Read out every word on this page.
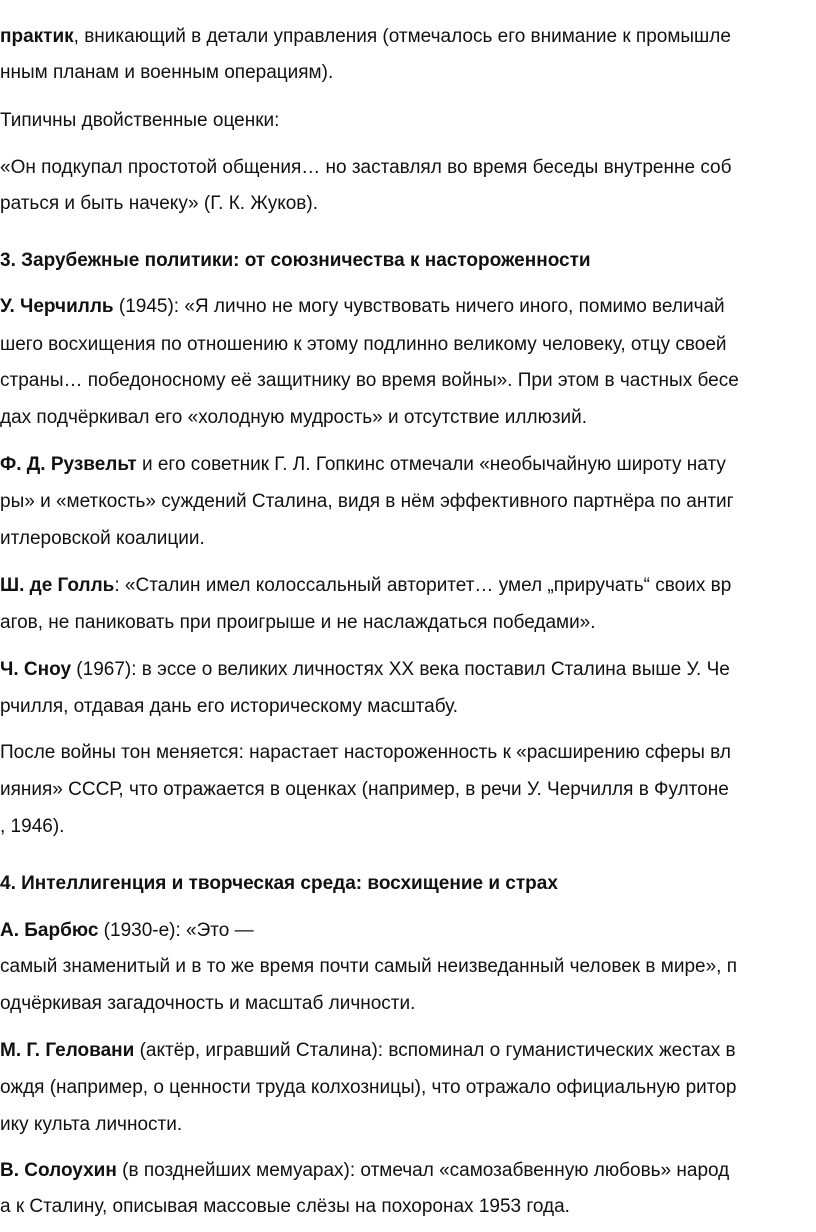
практик, вникающий в детали управления (отмечалось его внимание к промышле
нным планам и военным операциям).
Типичны двойственные оценки:
«Он подкупал простотой общения… но заставлял во время беседы внутренне соб
раться и быть начеку» (Г. К. Жуков).
3. Зарубежные политики: от союзничества к настороженности
У. Черчилль (1945): «Я лично не могу чувствовать ничего иного, помимо величай
шего восхищения по отношению к этому подлинно великому человеку, отцу своей
страны… победоносному её защитнику во время войны». При этом в частных бесе
дах подчёркивал его «холодную мудрость» и отсутствие иллюзий.
Ф. Д. Рузвельт и его советник Г. Л. Гопкинс отмечали «необычайную широту нату
ры» и «меткость» суждений Сталина, видя в нём эффективного партнёра по антиг
итлеровской коалиции.
Ш. де Голль: «Сталин имел колоссальный авторитет… умел „приручать“ своих вр
агов, не паниковать при проигрыше и не наслаждаться победами».
Ч. Сноу (1967): в эссе о великих личностях XX века поставил Сталина выше У. Че
рчилля, отдавая дань его историческому масштабу.
После войны тон меняется: нарастает настороженность к «расширению сферы вл
ияния» СССР, что отражается в оценках (например, в речи У. Черчилля в Фултоне
, 1946).
4. Интеллигенция и творческая среда: восхищение и страх
А. Барбюс (1930-е): «Это —
самый знаменитый и в то же время почти самый неизведанный человек в мире», п
одчёркивая загадочность и масштаб личности.
М. Г. Геловани (актёр, игравший Сталина): вспоминал о гуманистических жестах в
ождя (например, о ценности труда колхозницы), что отражало официальную ритор
ику культа личности.
В. Солоухин (в позднейших мемуарах): отмечал «самозабвенную любовь» народ
а к Сталину, описывая массовые слёзы на похоронах 1953 года.
